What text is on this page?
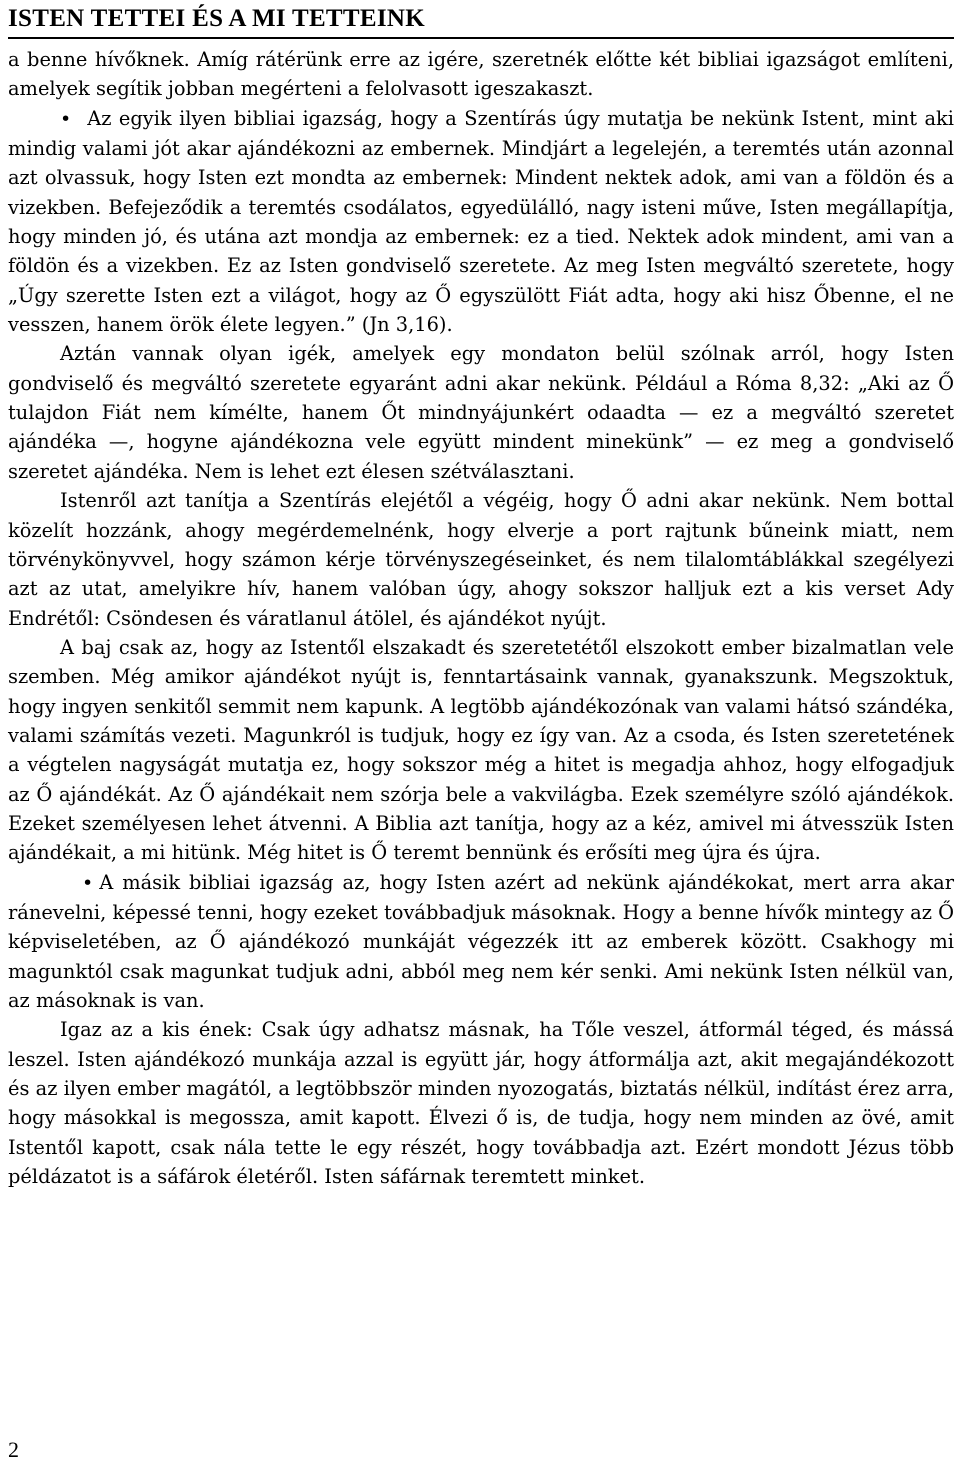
ISTEN TETTEI ÉS A MI TETTEINK

a benne hívőknek. Amíg rátérünk erre az igére, szeretnék előtte két bibliai igazságot említeni, amelyek segítik jobban megérteni a felolvasott igeszakaszt.

• Az egyik ilyen bibliai igazság, hogy a Szentírás úgy mutatja be nekünk Istent, mint aki mindig valami jót akar ajándékozni az embernek. Mindjárt a legelején, a teremtés után azonnal azt olvassuk, hogy Isten ezt mondta az embernek: Mindent nektek adok, ami van a földön és a vizekben. Befejeződik a teremtés csodálatos, egyedülálló, nagy isteni műve, Isten megállapítja, hogy minden jó, és utána azt mondja az embernek: ez a tied. Nektek adok mindent, ami van a földön és a vizekben. Ez az Isten gondviselő szeretete. Az meg Isten megváltó szeretete, hogy „Úgy szerette Isten ezt a világot, hogy az Ő egyszülött Fiát adta, hogy aki hisz Őbenne, el ne vesszen, hanem örök élete legyen.” (Jn 3,16).

Aztán vannak olyan igék, amelyek egy mondaton belül szólnak arról, hogy Isten gondviselő és megváltó szeretete egyaránt adni akar nekünk. Például a Róma 8,32: „Aki az Ő tulajdon Fiát nem kímélte, hanem Őt mindnyájunkért odaadta — ez a megváltó szeretet ajándéka —, hogyne ajándékozna vele együtt mindent minekünk” — ez meg a gondviselő szeretet ajándéka. Nem is lehet ezt élesen szétválasztani.

Istenről azt tanítja a Szentírás elejétől a végéig, hogy Ő adni akar nekünk. Nem bottal közelít hozzánk, ahogy megérdemelnénk, hogy elverje a port rajtunk bűneink miatt, nem törvénykönyvvel, hogy számon kérje törvényszegéseinket, és nem tilalomtáblákkal szegélyezi azt az utat, amelyikre hív, hanem valóban úgy, ahogy sokszor halljuk ezt a kis verset Ady Endrétől: Csöndesen és váratlanul átölel, és ajándékot nyújt.

A baj csak az, hogy az Istentől elszakadt és szeretetétől elszokott ember bizalmatlan vele szemben. Még amikor ajándékot nyújt is, fenntartásaink vannak, gyanakszunk. Megszoktuk, hogy ingyen senkitől semmit nem kapunk. A legtöbb ajándékozónak van valami hátsó szándéka, valami számítás vezeti. Magunkról is tudjuk, hogy ez így van. Az a csoda, és Isten szeretetének a végtelen nagyságát mutatja ez, hogy sokszor még a hitet is megadja ahhoz, hogy elfogadjuk az Ő ajándékát. Az Ő ajándékait nem szórja bele a vakvilágba. Ezek személyre szóló ajándékok. Ezeket személyesen lehet átvenni. A Biblia azt tanítja, hogy az a kéz, amivel mi átvesszük Isten ajándékait, a mi hitünk. Még hitet is Ő teremt bennünk és erősíti meg újra és újra.

• A másik bibliai igazság az, hogy Isten azért ad nekünk ajándékokat, mert arra akar ránevelni, képessé tenni, hogy ezeket továbbadjuk másoknak. Hogy a benne hívők mintegy az Ő képviseletében, az Ő ajándékozó munkáját végezzék itt az emberek között. Csakhogy mi magunktól csak magunkat tudjuk adni, abból meg nem kér senki. Ami nekünk Isten nélkül van, az másoknak is van.

Igaz az a kis ének: Csak úgy adhatsz másnak, ha Tőle veszel, átformál téged, és mássá leszel. Isten ajándékozó munkája azzal is együtt jár, hogy átformálja azt, akit megajándékozott és az ilyen ember magától, a legtöbbször minden nyozogatás, biztatás nélkül, indítást érez arra, hogy másokkal is megossza, amit kapott. Élvezi ő is, de tudja, hogy nem minden az övé, amit Istentől kapott, csak nála tette le egy részét, hogy továbbadja azt. Ezért mondott Jézus több példázatot is a sáfárok életéről. Isten sáfárnak teremtett minket.

2
